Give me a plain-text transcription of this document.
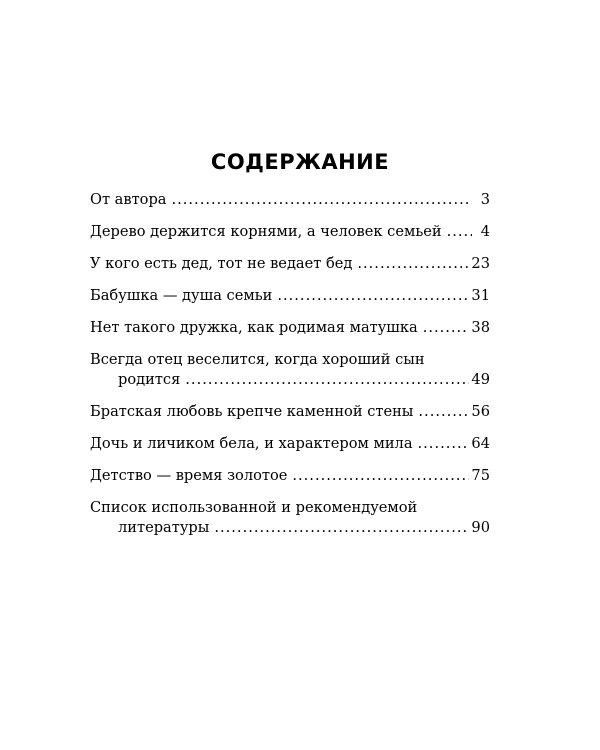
СОДЕРЖАНИЕ
От автора .....	3
Дерево держится корнями, а человек семьей .....	4
У кого есть дед, тот не ведает бед .....	23
Бабушка — душа семьи .....	31
Нет такого дружка, как родимая матушка .....	38
Всегда отец веселится, когда хороший сын
родится .....	49
Братская любовь крепче каменной стены .....	56
Дочь и личиком бела, и характером мила .....	64
Детство — время золотое .....	75
Список использованной и рекомендуемой
литературы .....	90
